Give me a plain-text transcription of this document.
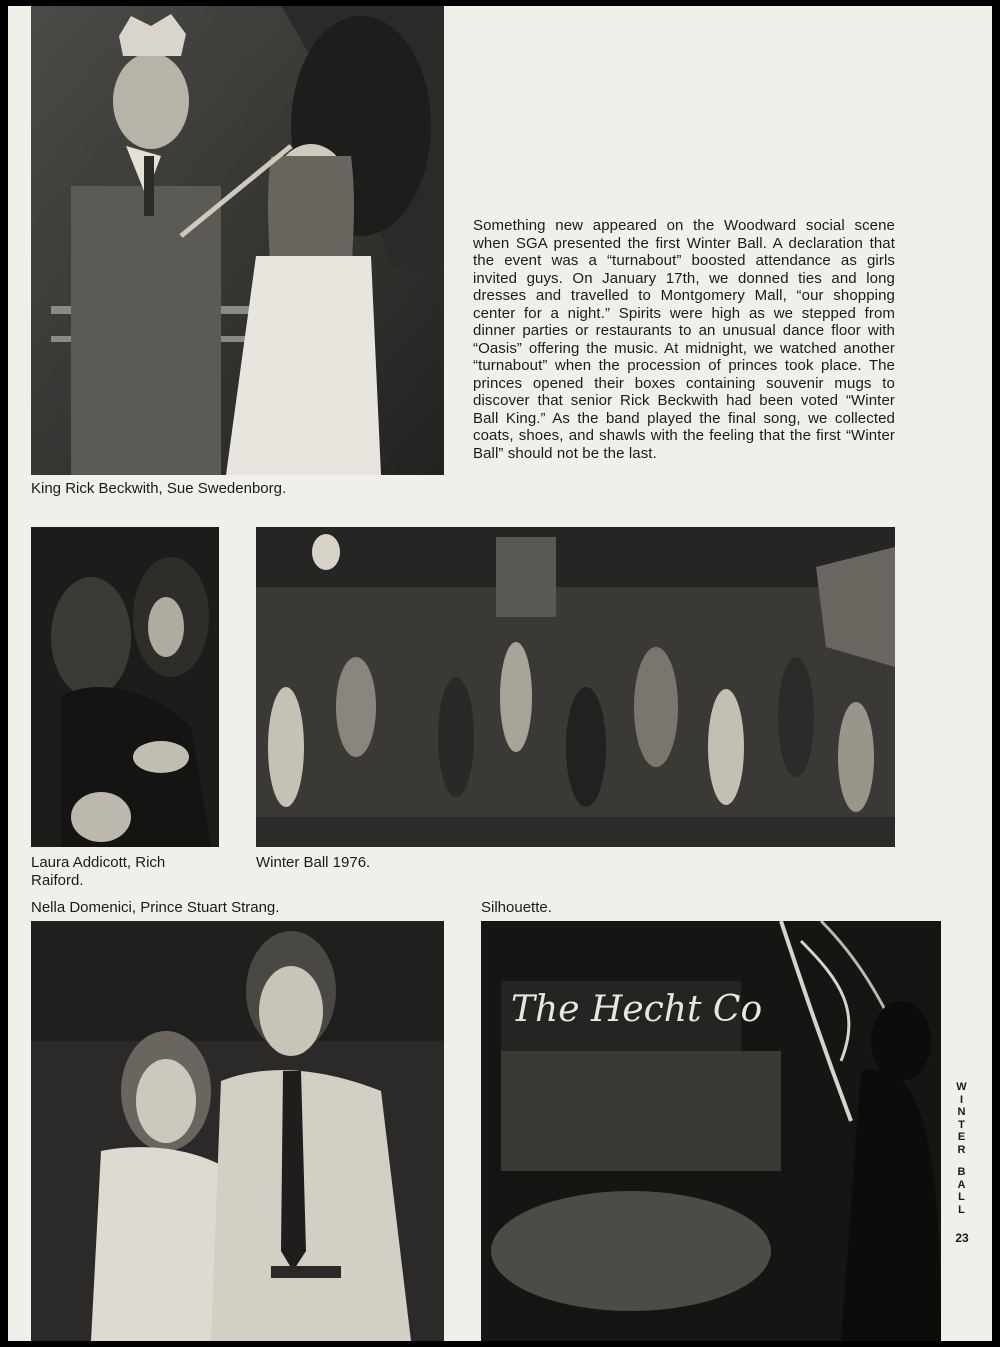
Something new appeared on the Woodward social scene when SGA presented the first Winter Ball. A declaration that the event was a “turnabout” boosted attendance as girls invited guys. On January 17th, we donned ties and long dresses and travelled to Montgomery Mall, “our shopping center for a night.” Spirits were high as we stepped from dinner parties or restaurants to an unusual dance floor with “Oasis” offering the music. At midnight, we watched another “turnabout” when the procession of princes took place. The princes opened their boxes containing souvenir mugs to discover that senior Rick Beckwith had been voted “Winter Ball King.” As the band played the final song, we collected coats, shoes, and shawls with the feeling that the first “Winter Ball” should not be the last.
King Rick Beckwith, Sue Swedenborg.
Laura Addicott, Rich Raiford.
Winter Ball 1976.
Nella Domenici, Prince Stuart Strang.	Silhouette.
The Hecht Co
W
I
N
T
E
R
B
A
L
L
23
